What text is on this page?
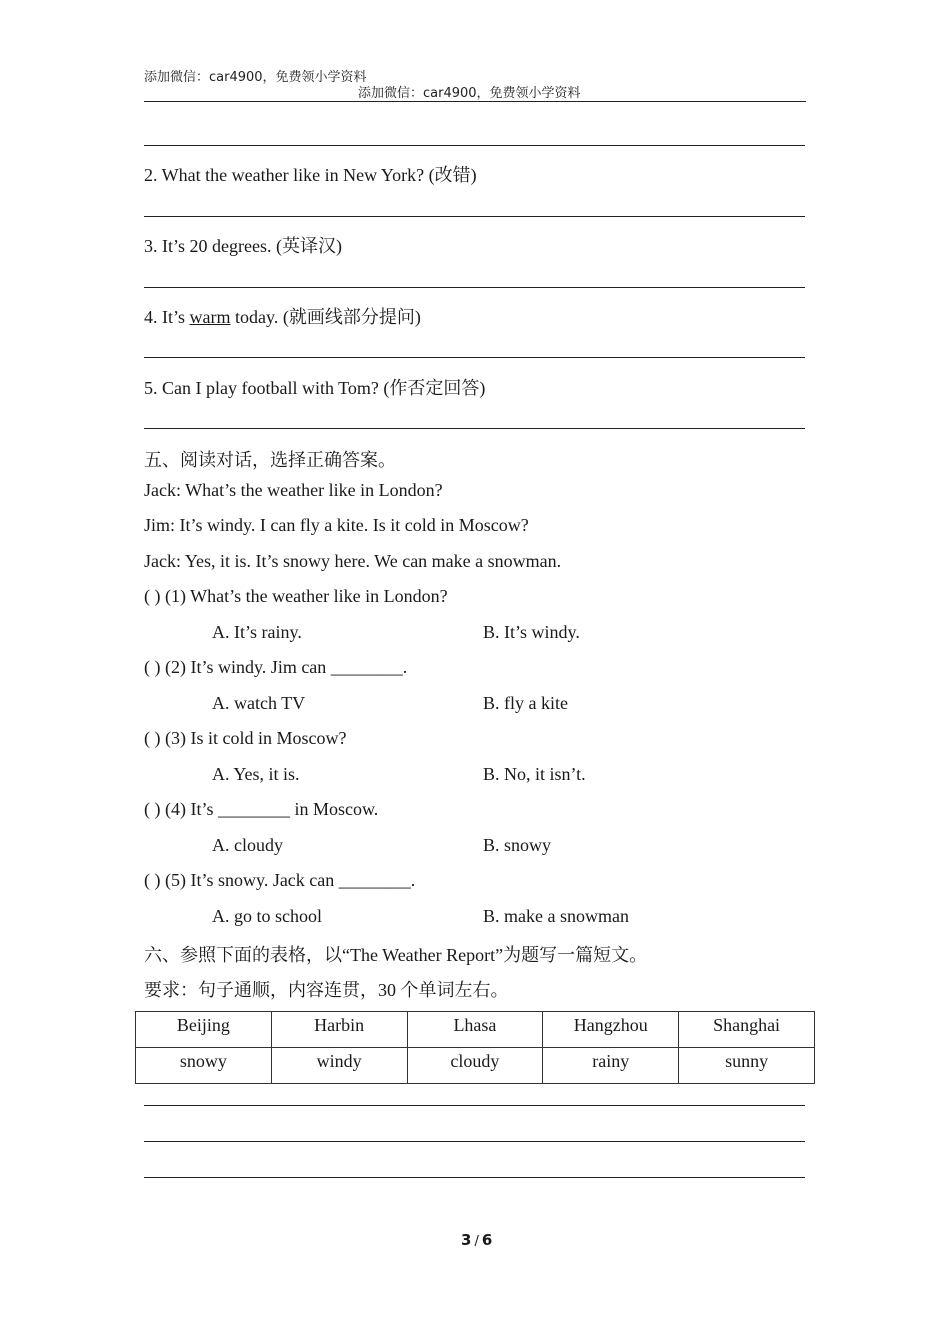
添加微信：car4900，免费领小学资料
添加微信：car4900，免费领小学资料
2. What the weather like in New York? (改错)
3. It’s 20 degrees. (英译汉)
4. It’s warm today. (就画线部分提问)
5. Can I play football with Tom? (作否定回答)
五、阅读对话，选择正确答案。
Jack: What’s the weather like in London?
Jim: It’s windy. I can fly a kite. Is it cold in Moscow?
Jack: Yes, it is. It’s snowy here. We can make a snowman.
( ) (1) What’s the weather like in London?
A. It’s rainy.	B. It’s windy.
( ) (2) It’s windy. Jim can ________.
A. watch TV	B. fly a kite
( ) (3) Is it cold in Moscow?
A. Yes, it is.	B. No, it isn’t.
( ) (4) It’s ________ in Moscow.
A. cloudy	B. snowy
( ) (5) It’s snowy. Jack can ________.
A. go to school	B. make a snowman
六、参照下面的表格，以“The Weather Report”为题写一篇短文。
要求：句子通顺，内容连贯，30 个单词左右。
Beijing	Harbin	Lhasa	Hangzhou	Shanghai
snowy	windy	cloudy	rainy	sunny
3 / 6
